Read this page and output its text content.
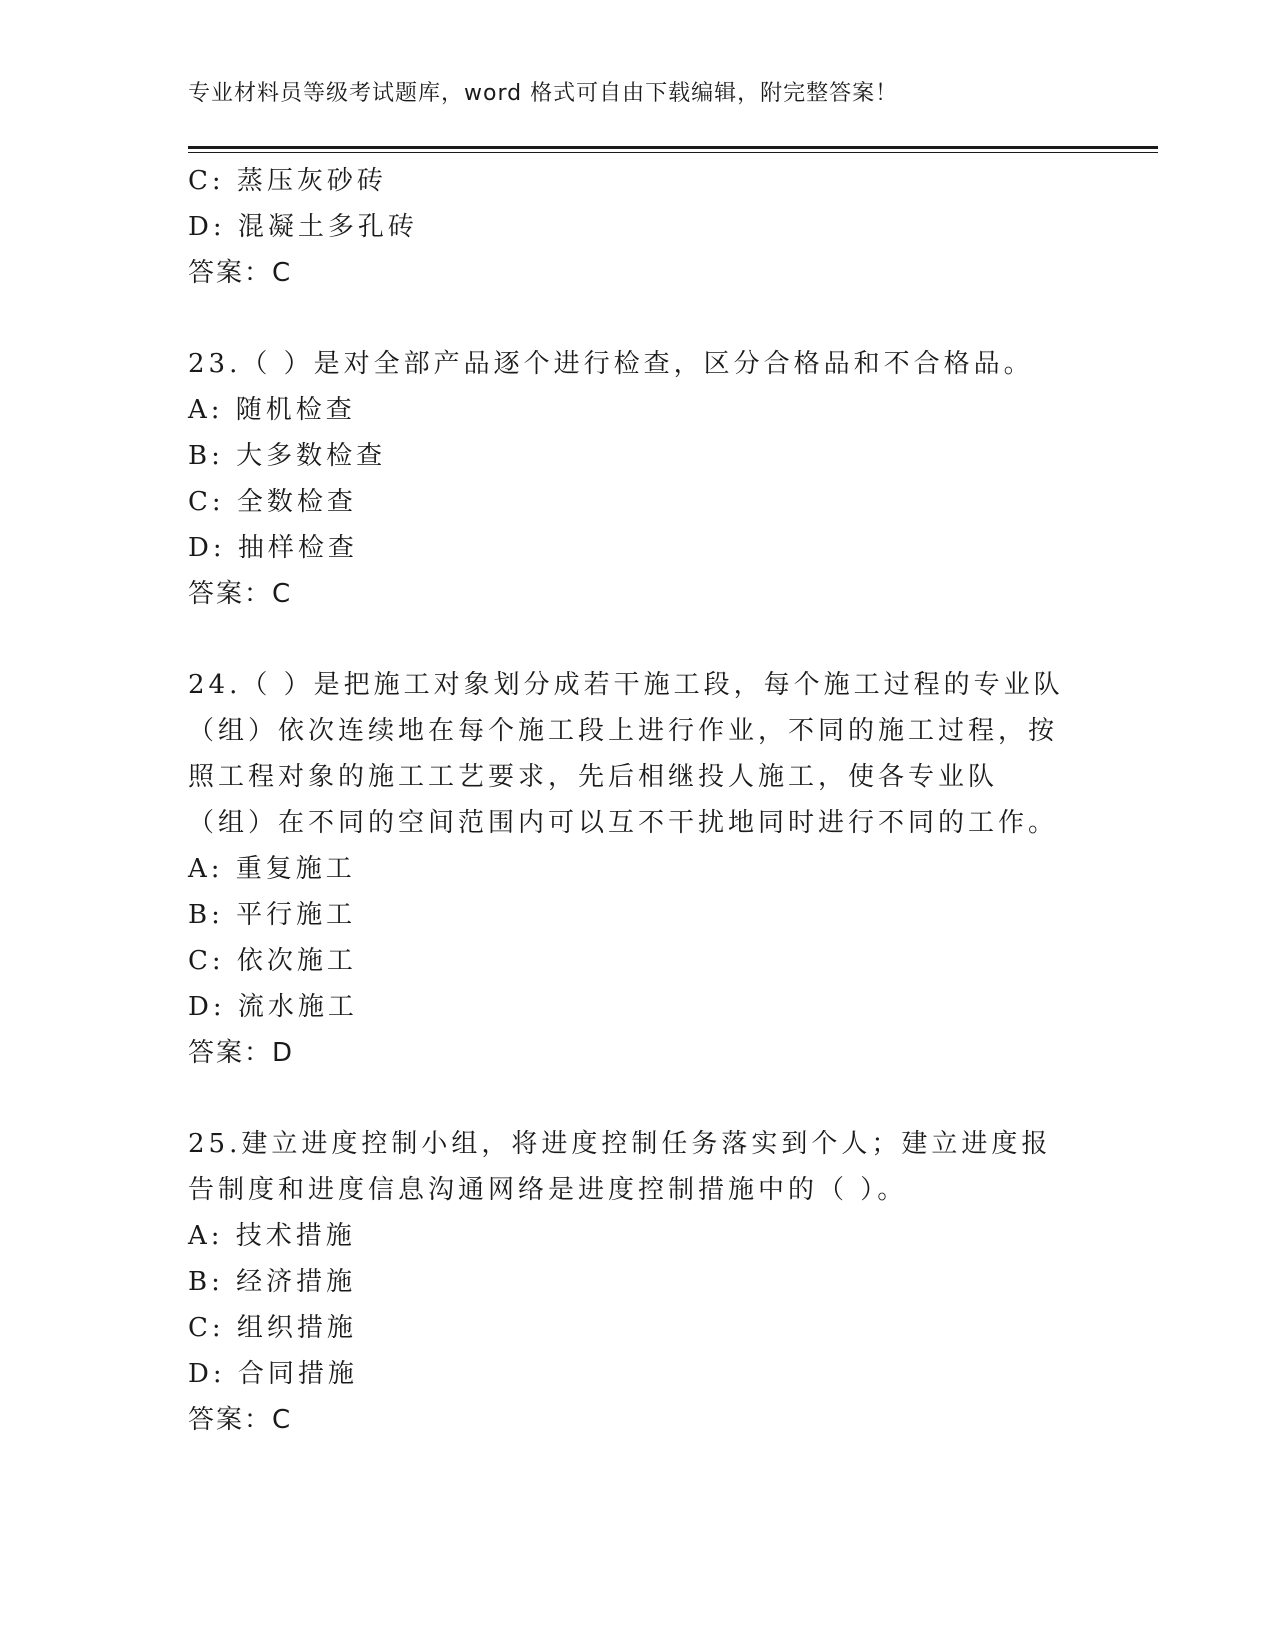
专业材料员等级考试题库，word 格式可自由下载编辑，附完整答案！
C: 蒸压灰砂砖
D: 混凝土多孔砖
答案：C
23.（ ）是对全部产品逐个进行检查，区分合格品和不合格品。
A: 随机检查
B: 大多数检查
C: 全数检查
D: 抽样检查
答案：C
24.（ ）是把施工对象划分成若干施工段，每个施工过程的专业队（组）依次连续地在每个施工段上进行作业，不同的施工过程，按照工程对象的施工工艺要求，先后相继投人施工，使各专业队（组）在不同的空间范围内可以互不干扰地同时进行不同的工作。
A: 重复施工
B: 平行施工
C: 依次施工
D: 流水施工
答案：D
25.建立进度控制小组，将进度控制任务落实到个人；建立进度报告制度和进度信息沟通网络是进度控制措施中的（ ）。
A: 技术措施
B: 经济措施
C: 组织措施
D: 合同措施
答案：C
